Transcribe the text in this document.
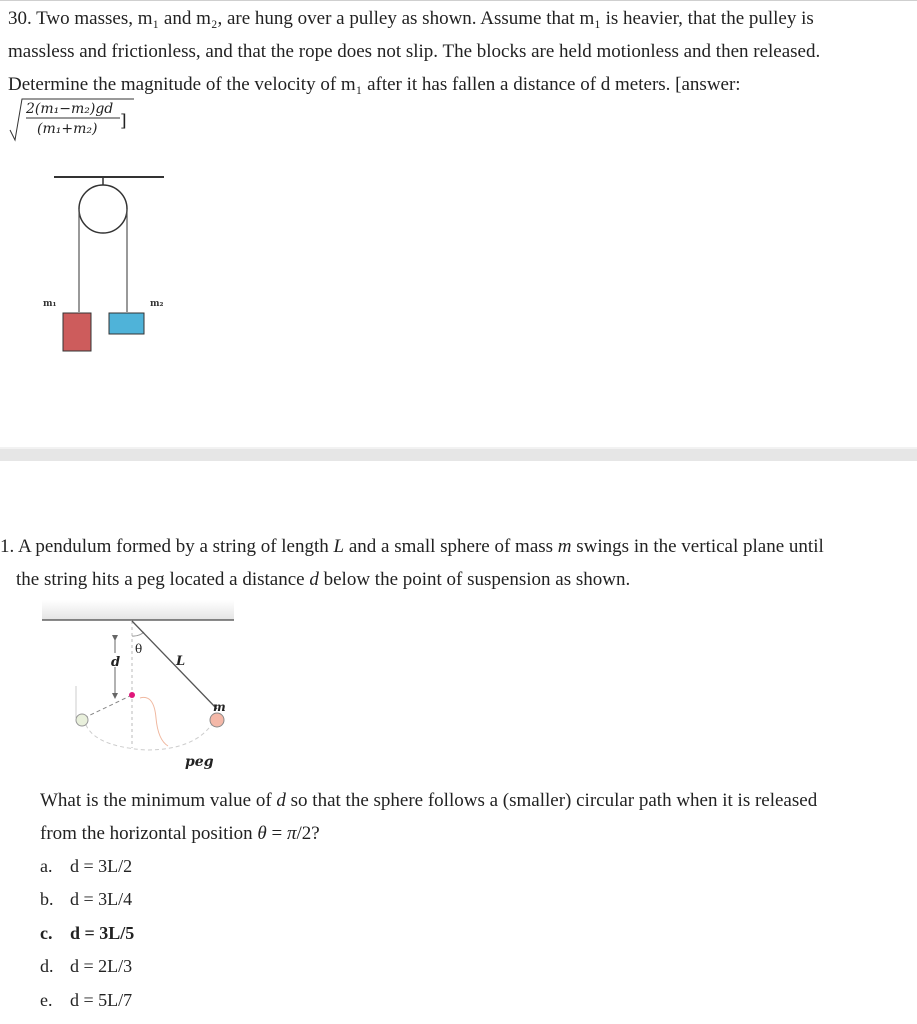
30. Two masses, m₁ and m₂, are hung over a pulley as shown. Assume that m₁ is heavier, that the pulley is
massless and frictionless, and that the rope does not slip. The blocks are held motionless and then released.
Determine the magnitude of the velocity of m₁ after it has fallen a distance of d meters. [answer:
2(m₁−m₂)gd
(m₁+m₂) ]
m₁	m₂
1. A pendulum formed by a string of length L and a small sphere of mass m swings in the vertical plane until
the string hits a peg located a distance d below the point of suspension as shown.
d
θ
L
m
peg
What is the minimum value of d so that the sphere follows a (smaller) circular path when it is released
from the horizontal position θ = π/2?
a. d = 3L/2
b. d = 3L/4
c. d = 3L/5
d. d = 2L/3
e. d = 5L/7
